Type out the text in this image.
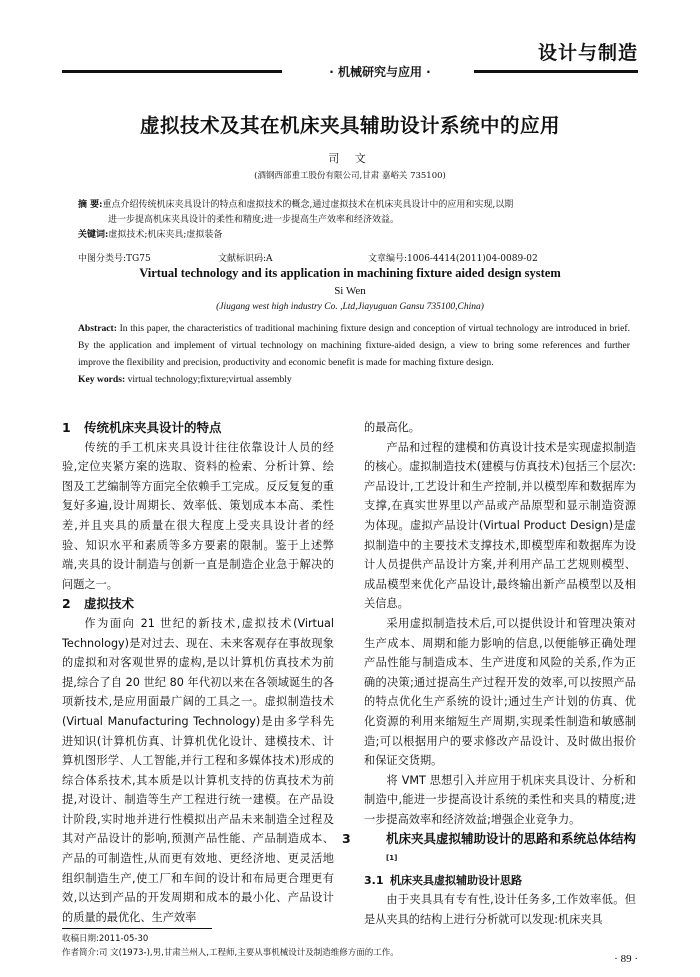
设计与制造
· 机械研究与应用 ·
虚拟技术及其在机床夹具辅助设计系统中的应用
司 文
(酒钢西部重工股份有限公司,甘肃 嘉峪关 735100)
摘 要:重点介绍传统机床夹具设计的特点和虚拟技术的概念,通过虚拟技术在机床夹具设计中的应用和实现,以期
进一步提高机床夹具设计的柔性和精度;进一步提高生产效率和经济效益。
关键词:虚拟技术;机床夹具;虚拟装备
中图分类号:TG75	文献标识码:A	文章编号:1006-4414(2011)04-0089-02
Virtual technology and its application in machining fixture aided design system
Si Wen
(Jiugang west high industry Co. ,Ltd,Jiayuguan Gansu 735100,China)
Abstract: In this paper, the characteristics of traditional machining fixture design and conception of virtual technology are introduced in brief. By the application and implement of virtual technology on machining fixture-aided design, a view to bring some references and further improve the flexibility and precision, productivity and economic benefit is made for maching fixture design.
Key words: virtual technology;fixture;virtual assembly

1 传统机床夹具设计的特点

传统的手工机床夹具设计往往依靠设计人员的经验,定位夹紧方案的选取、资料的检索、分析计算、绘图及工艺编制等方面完全依赖手工完成。反反复复的重复好多遍,设计周期长、效率低、策划成本本高、柔性差,并且夹具的质量在很大程度上受夹具设计者的经验、知识水平和素质等多方要素的限制。鉴于上述弊端,夹具的设计制造与创新一直是制造企业急于解决的问题之一。

2 虚拟技术

作为面向 21 世纪的新技术,虚拟技术(Virtual Technology)是对过去、现在、未来客观存在事故现象的虚拟和对客观世界的虚构,是以计算机仿真技术为前提,综合了自 20 世纪 80 年代初以来在各领域诞生的各项新技术,是应用面最广阔的工具之一。虚拟制造技术(Virtual Manufacturing Technology)是由多学科先进知识(计算机仿真、计算机优化设计、建模技术、计算机图形学、人工智能,并行工程和多媒体技术)形成的综合体系技术,其本质是以计算机支持的仿真技术为前提,对设计、制造等生产工程进行统一建模。在产品设计阶段,实时地并进行性模拟出产品未来制造全过程及其对产品设计的影响,预测产品性能、产品制造成本、产品的可制造性,从而更有效地、更经济地、更灵活地组织制造生产,使工厂和车间的设计和布局更合理更有效,以达到产品的开发周期和成本的最小化、产品设计的质量的最优化、生产效率

的最高化。

产品和过程的建模和仿真设计技术是实现虚拟制造的核心。虚拟制造技术(建模与仿真技术)包括三个层次:产品设计,工艺设计和生产控制,并以模型库和数据库为支撑,在真实世界里以产品或产品原型和显示制造资源为体现。虚拟产品设计(Virtual Product Design)是虚拟制造中的主要技术支撑技术,即模型库和数据库为设计人员提供产品设计方案,并利用产品工艺规则模型、成品模型来优化产品设计,最终输出新产品模型以及相关信息。

采用虚拟制造技术后,可以提供设计和管理决策对生产成本、周期和能力影响的信息,以便能够正确处理产品性能与制造成本、生产进度和风险的关系,作为正确的决策;通过提高生产过程开发的效率,可以按照产品的特点优化生产系统的设计;通过生产计划的仿真、优化资源的利用来缩短生产周期,实现柔性制造和敏感制造;可以根据用户的要求修改产品设计、及时做出报价和保证交货期。

将 VMT 思想引入并应用于机床夹具设计、分析和制造中,能进一步提高设计系统的柔性和夹具的精度;进一步提高效率和经济效益;增强企业竞争力。

3	机床夹具虚拟辅助设计的思路和系统总体结构[1]

3.1 机床夹具虚拟辅助设计思路

由于夹具具有专有性,设计任务多,工作效率低。但是从夹具的结构上进行分析就可以发现:机床夹具

收稿日期:2011-05-30
作者简介:司 文(1973-),男,甘肃兰州人,工程师,主要从事机械设计及制造维修方面的工作。	· 89 ·
